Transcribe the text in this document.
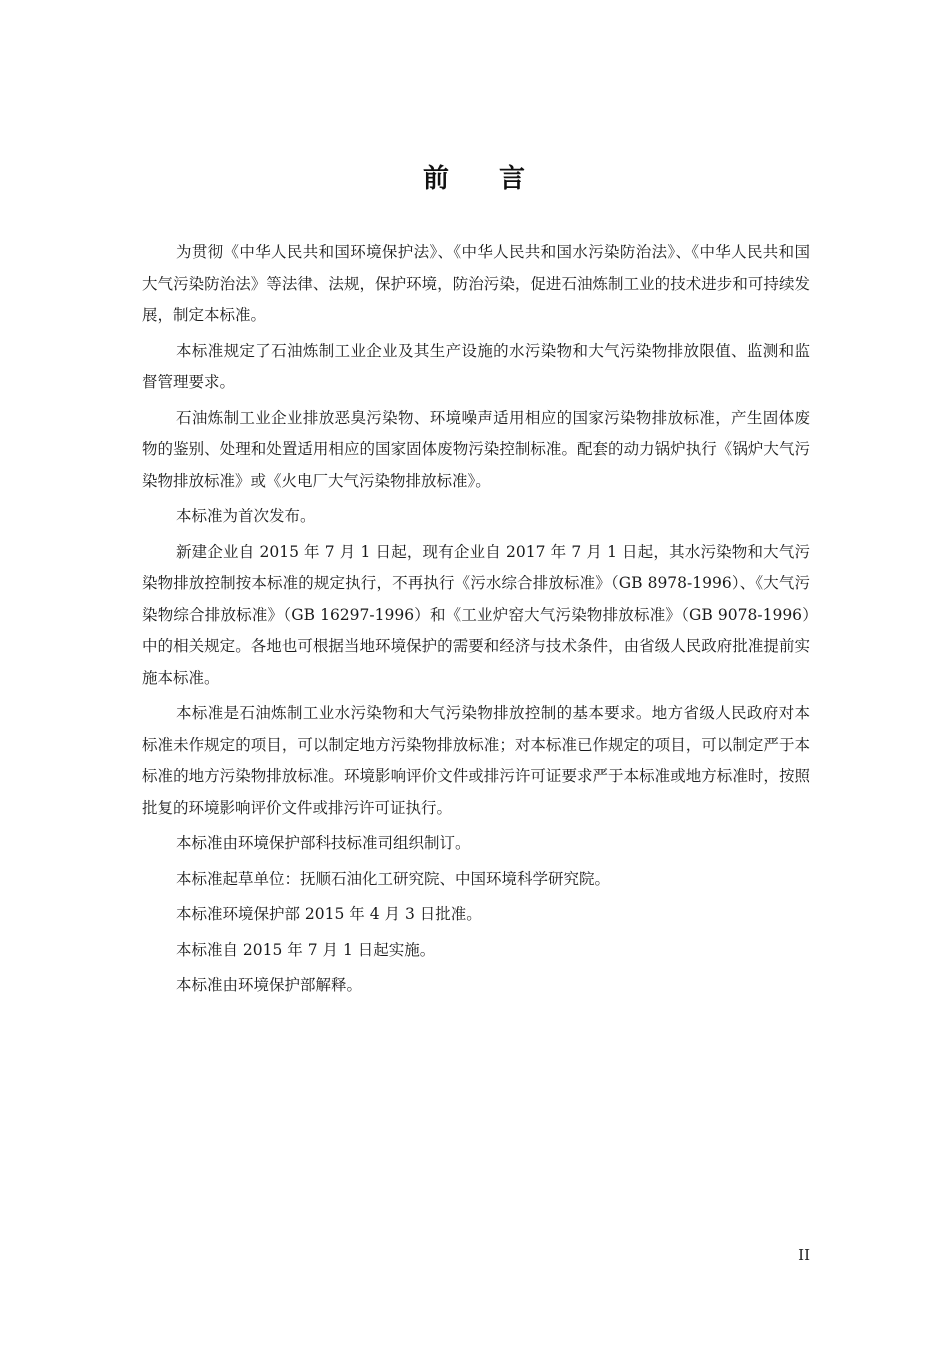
前 言

为贯彻《中华人民共和国环境保护法》、《中华人民共和国水污染防治法》、《中华人民共和国大气污染防治法》等法律、法规，保护环境，防治污染，促进石油炼制工业的技术进步和可持续发展，制定本标准。

本标准规定了石油炼制工业企业及其生产设施的水污染物和大气污染物排放限值、监测和监督管理要求。

石油炼制工业企业排放恶臭污染物、环境噪声适用相应的国家污染物排放标准，产生固体废物的鉴别、处理和处置适用相应的国家固体废物污染控制标准。配套的动力锅炉执行《锅炉大气污染物排放标准》或《火电厂大气污染物排放标准》。

本标准为首次发布。

新建企业自 2015 年 7 月 1 日起，现有企业自 2017 年 7 月 1 日起，其水污染物和大气污染物排放控制按本标准的规定执行，不再执行《污水综合排放标准》（GB 8978-1996）、《大气污染物综合排放标准》（GB 16297-1996）和《工业炉窑大气污染物排放标准》（GB 9078-1996）中的相关规定。各地也可根据当地环境保护的需要和经济与技术条件，由省级人民政府批准提前实施本标准。

本标准是石油炼制工业水污染物和大气污染物排放控制的基本要求。地方省级人民政府对本标准未作规定的项目，可以制定地方污染物排放标准；对本标准已作规定的项目，可以制定严于本标准的地方污染物排放标准。环境影响评价文件或排污许可证要求严于本标准或地方标准时，按照批复的环境影响评价文件或排污许可证执行。

本标准由环境保护部科技标准司组织制订。

本标准起草单位：抚顺石油化工研究院、中国环境科学研究院。

本标准环境保护部 2015 年 4 月 3 日批准。

本标准自 2015 年 7 月 1 日起实施。

本标准由环境保护部解释。

II
